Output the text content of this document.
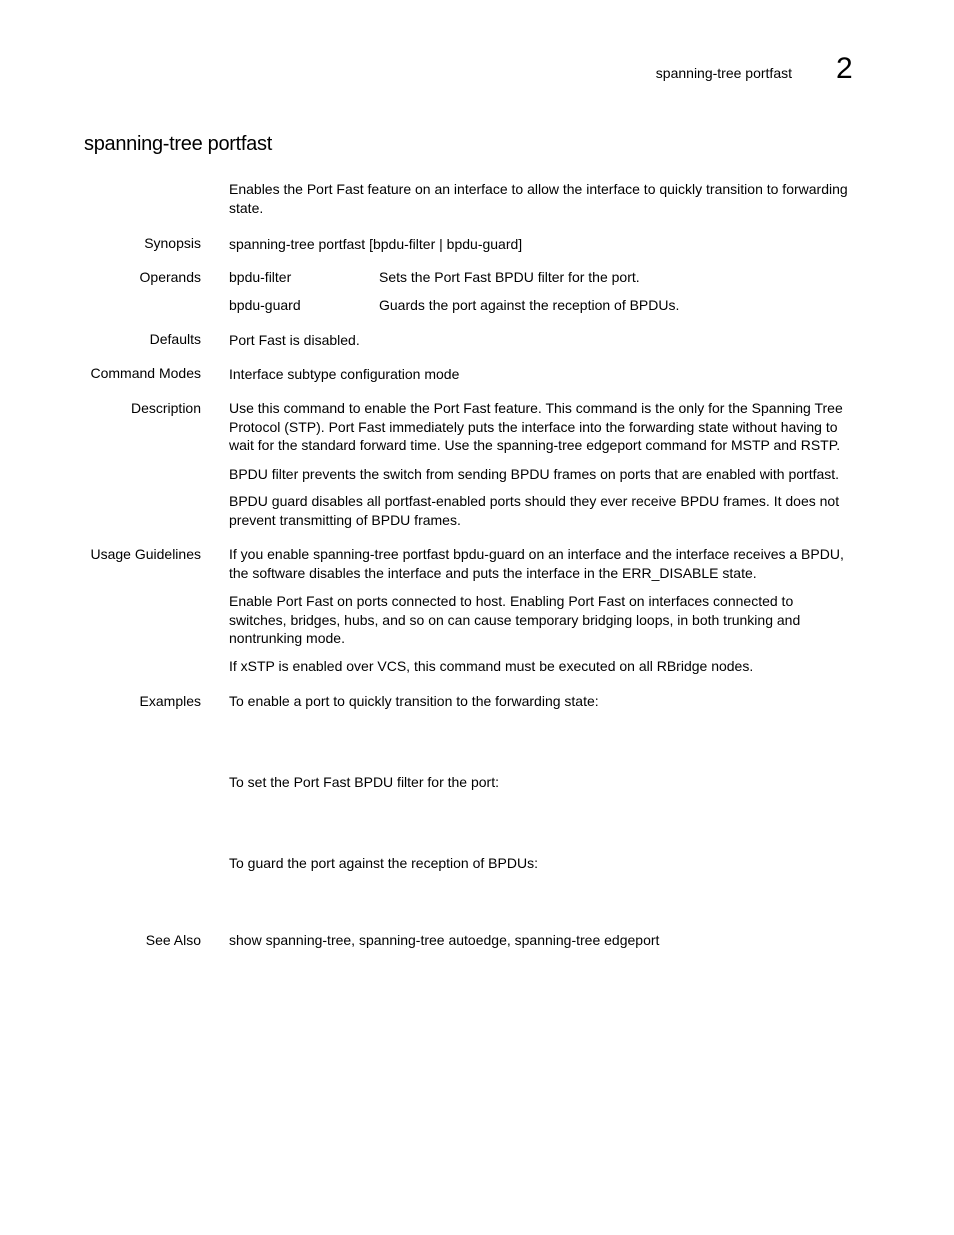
spanning-tree portfast 2
spanning-tree portfast
Enables the Port Fast feature on an interface to allow the interface to quickly transition to forwarding state.
Synopsis spanning-tree portfast [bpdu-filter | bpdu-guard]
Operands bpdu-filter	Sets the Port Fast BPDU filter for the port.
bpdu-guard	Guards the port against the reception of BPDUs.
Defaults Port Fast is disabled.
Command Modes Interface subtype configuration mode
Description Use this command to enable the Port Fast feature. This command is the only for the Spanning Tree
Protocol (STP). Port Fast immediately puts the interface into the forwarding state without having to
wait for the standard forward time. Use the spanning-tree edgeport command for MSTP and RSTP.
BPDU filter prevents the switch from sending BPDU frames on ports that are enabled with portfast.
BPDU guard disables all portfast-enabled ports should they ever receive BPDU frames. It does not prevent transmitting of BPDU frames.
Usage Guidelines If you enable spanning-tree portfast bpdu-guard on an interface and the interface receives a BPDU, the software disables the interface and puts the interface in the ERR_DISABLE state.
Enable Port Fast on ports connected to host. Enabling Port Fast on interfaces connected to switches, bridges, hubs, and so on can cause temporary bridging loops, in both trunking and nontrunking mode.
If xSTP is enabled over VCS, this command must be executed on all RBridge nodes.
Examples To enable a port to quickly transition to the forwarding state:
To set the Port Fast BPDU filter for the port:
To guard the port against the reception of BPDUs:
See Also show spanning-tree, spanning-tree autoedge, spanning-tree edgeport
